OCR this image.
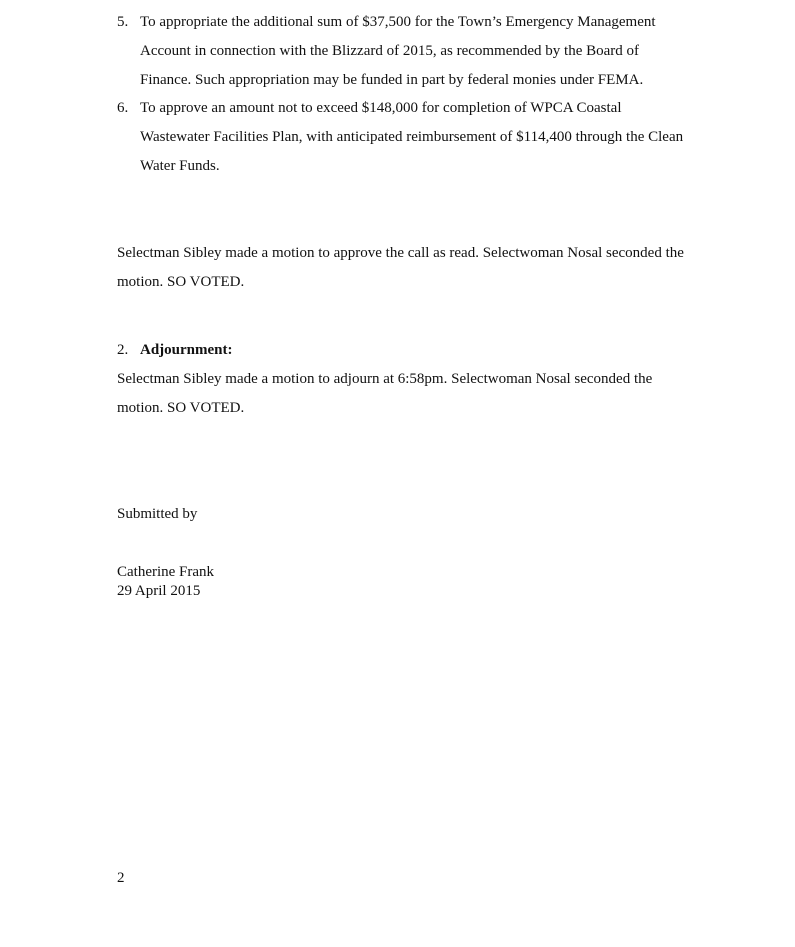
5. To appropriate the additional sum of $37,500 for the Town’s Emergency Management Account in connection with the Blizzard of 2015, as recommended by the Board of Finance. Such appropriation may be funded in part by federal monies under FEMA.
6. To approve an amount not to exceed $148,000 for completion of WPCA Coastal Wastewater Facilities Plan, with anticipated reimbursement of $114,400 through the Clean Water Funds.

Selectman Sibley made a motion to approve the call as read. Selectwoman Nosal seconded the motion. SO VOTED.

2. Adjournment:

Selectman Sibley made a motion to adjourn at 6:58pm. Selectwoman Nosal seconded the motion. SO VOTED.

Submitted by

Catherine Frank

29 April 2015

2
